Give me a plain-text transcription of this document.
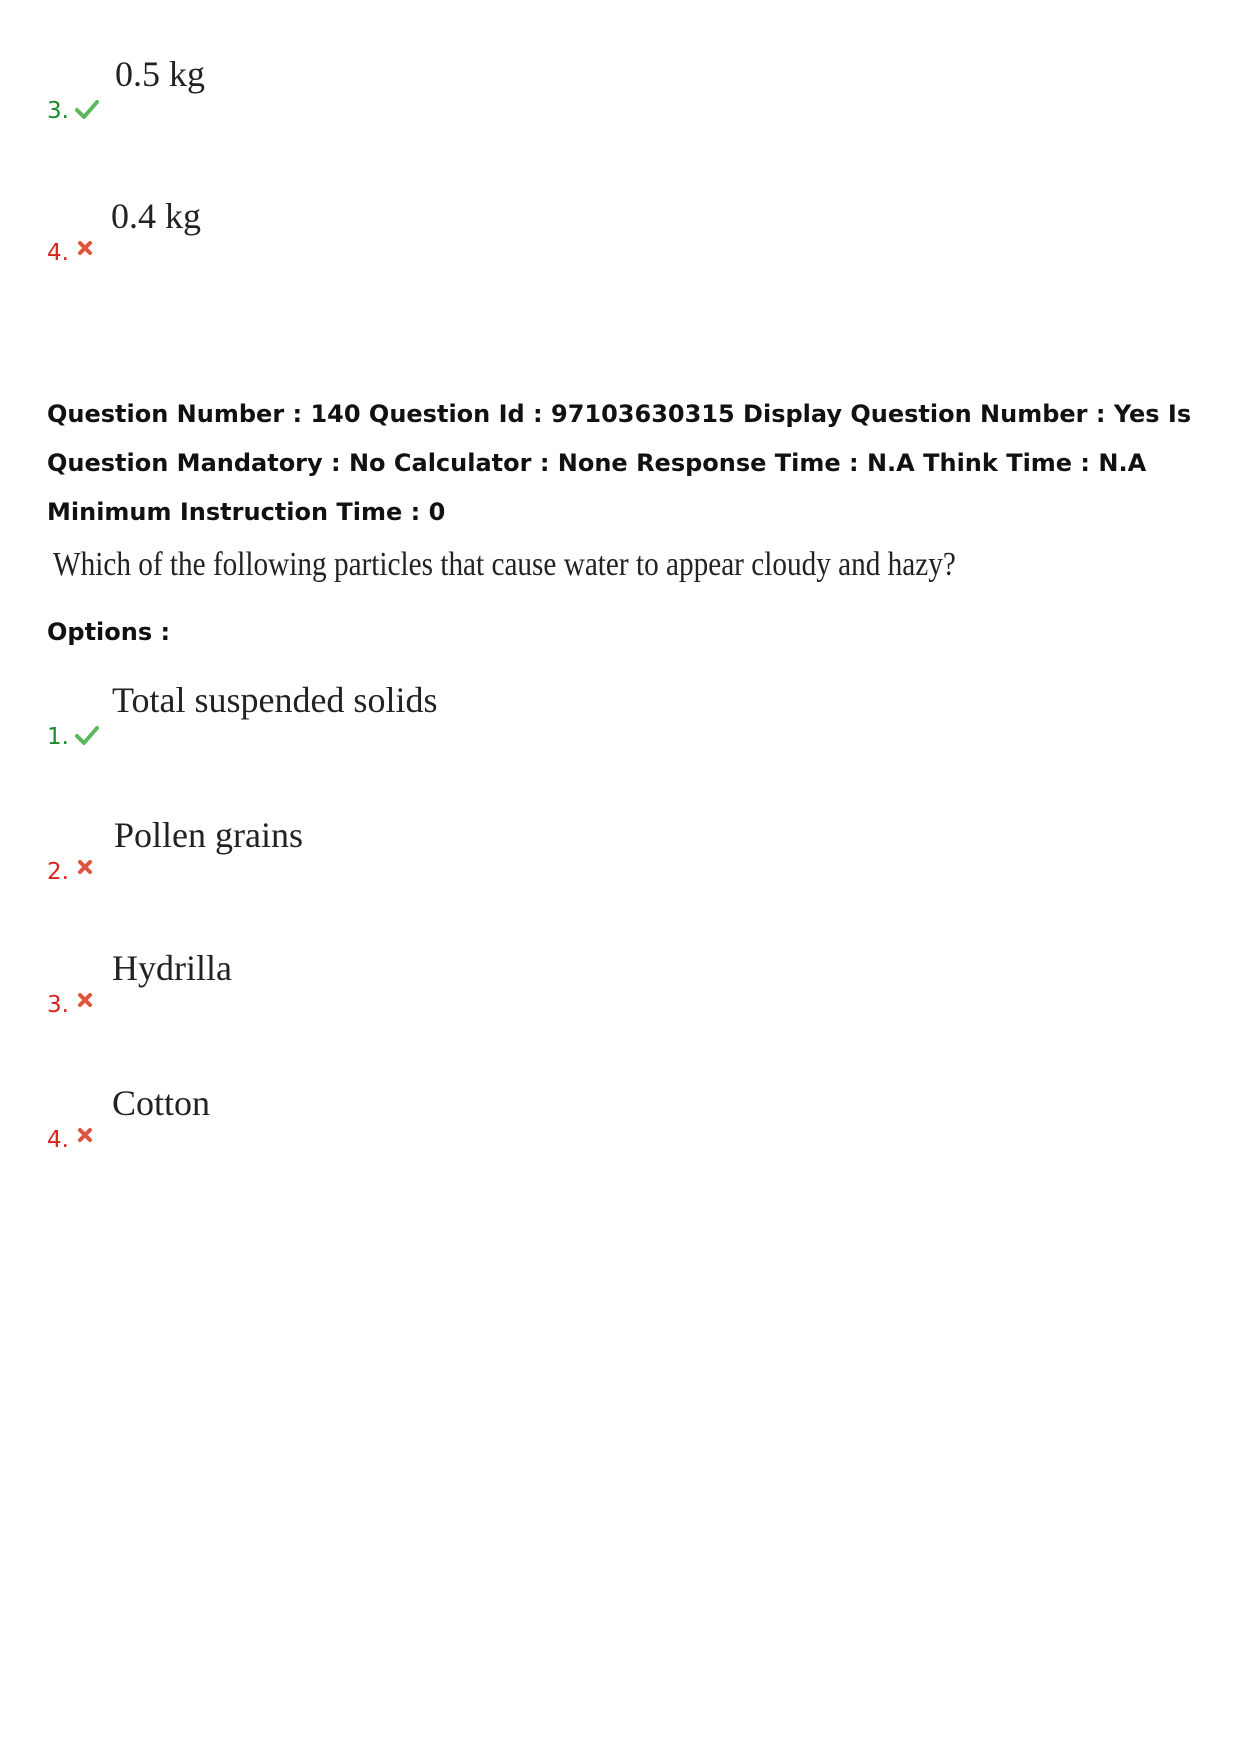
3.
0.5 kg
4.
0.4 kg
Question Number : 140 Question Id : 97103630315 Display Question Number : Yes Is Question Mandatory : No Calculator : None Response Time : N.A Think Time : N.A Minimum Instruction Time : 0
Which of the following particles that cause water to appear cloudy and hazy?
Options :
1.
Total suspended solids
2.
Pollen grains
3.
Hydrilla
4.
Cotton
